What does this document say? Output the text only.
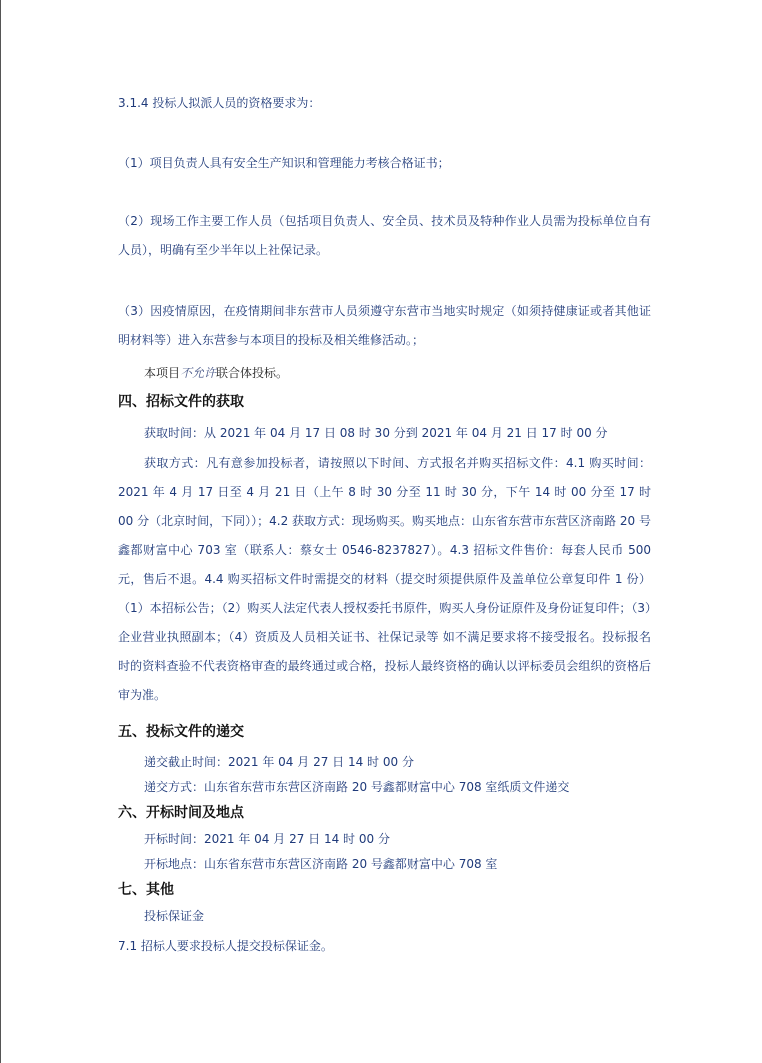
3.1.4 投标人拟派人员的资格要求为：
（1）项目负责人具有安全生产知识和管理能力考核合格证书；
（2）现场工作主要工作人员（包括项目负责人、安全员、技术员及特种作业人员需为投标单位自有人员），明确有至少半年以上社保记录。
（3）因疫情原因，在疫情期间非东营市人员须遵守东营市当地实时规定（如须持健康证或者其他证明材料等）进入东营参与本项目的投标及相关维修活动。；
本项目不允许联合体投标。
四、招标文件的获取
获取时间：从 2021 年 04 月 17 日 08 时 30 分到 2021 年 04 月 21 日 17 时 00 分
获取方式：凡有意参加投标者，请按照以下时间、方式报名并购买招标文件：4.1 购买时间：2021 年 4 月 17 日至 4 月 21 日（上午 8 时 30 分至 11 时 30 分，下午 14 时 00 分至 17 时 00 分（北京时间，下同））；4.2 获取方式：现场购买。购买地点：山东省东营市东营区济南路 20 号鑫都财富中心 703 室（联系人：蔡女士 0546-8237827）。4.3 招标文件售价：每套人民币 500 元，售后不退。4.4 购买招标文件时需提交的材料（提交时须提供原件及盖单位公章复印件 1 份）（1）本招标公告；（2）购买人法定代表人授权委托书原件，购买人身份证原件及身份证复印件；（3）企业营业执照副本；（4）资质及人员相关证书、社保记录等 如不满足要求将不接受报名。投标报名时的资料查验不代表资格审查的最终通过或合格，投标人最终资格的确认以评标委员会组织的资格后审为准。
五、投标文件的递交
递交截止时间：2021 年 04 月 27 日 14 时 00 分
递交方式：山东省东营市东营区济南路 20 号鑫都财富中心 708 室纸质文件递交
六、开标时间及地点
开标时间：2021 年 04 月 27 日 14 时 00 分
开标地点：山东省东营市东营区济南路 20 号鑫都财富中心 708 室
七、其他
投标保证金
7.1 招标人要求投标人提交投标保证金。
